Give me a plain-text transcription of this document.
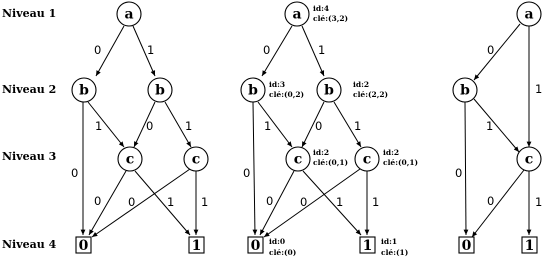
Niveau 1
Niveau 2
Niveau 3
Niveau 4
0	1
0
1	0	1
0	1
0	1
a
b	b
c	c
0	1
0	1
0
1	0	1
0	1
0	1
a
b	b
c	c
0	1
id:4
clé:(3,2)
id:3
clé:(0,2)
id:2
clé:(2,2)
id:2
clé:(0,1)
id:2
clé:(0,1)
id:0
clé:(0)
id:1
clé:(1)
0
1
0
1
0	1
a
b
c
0	1
